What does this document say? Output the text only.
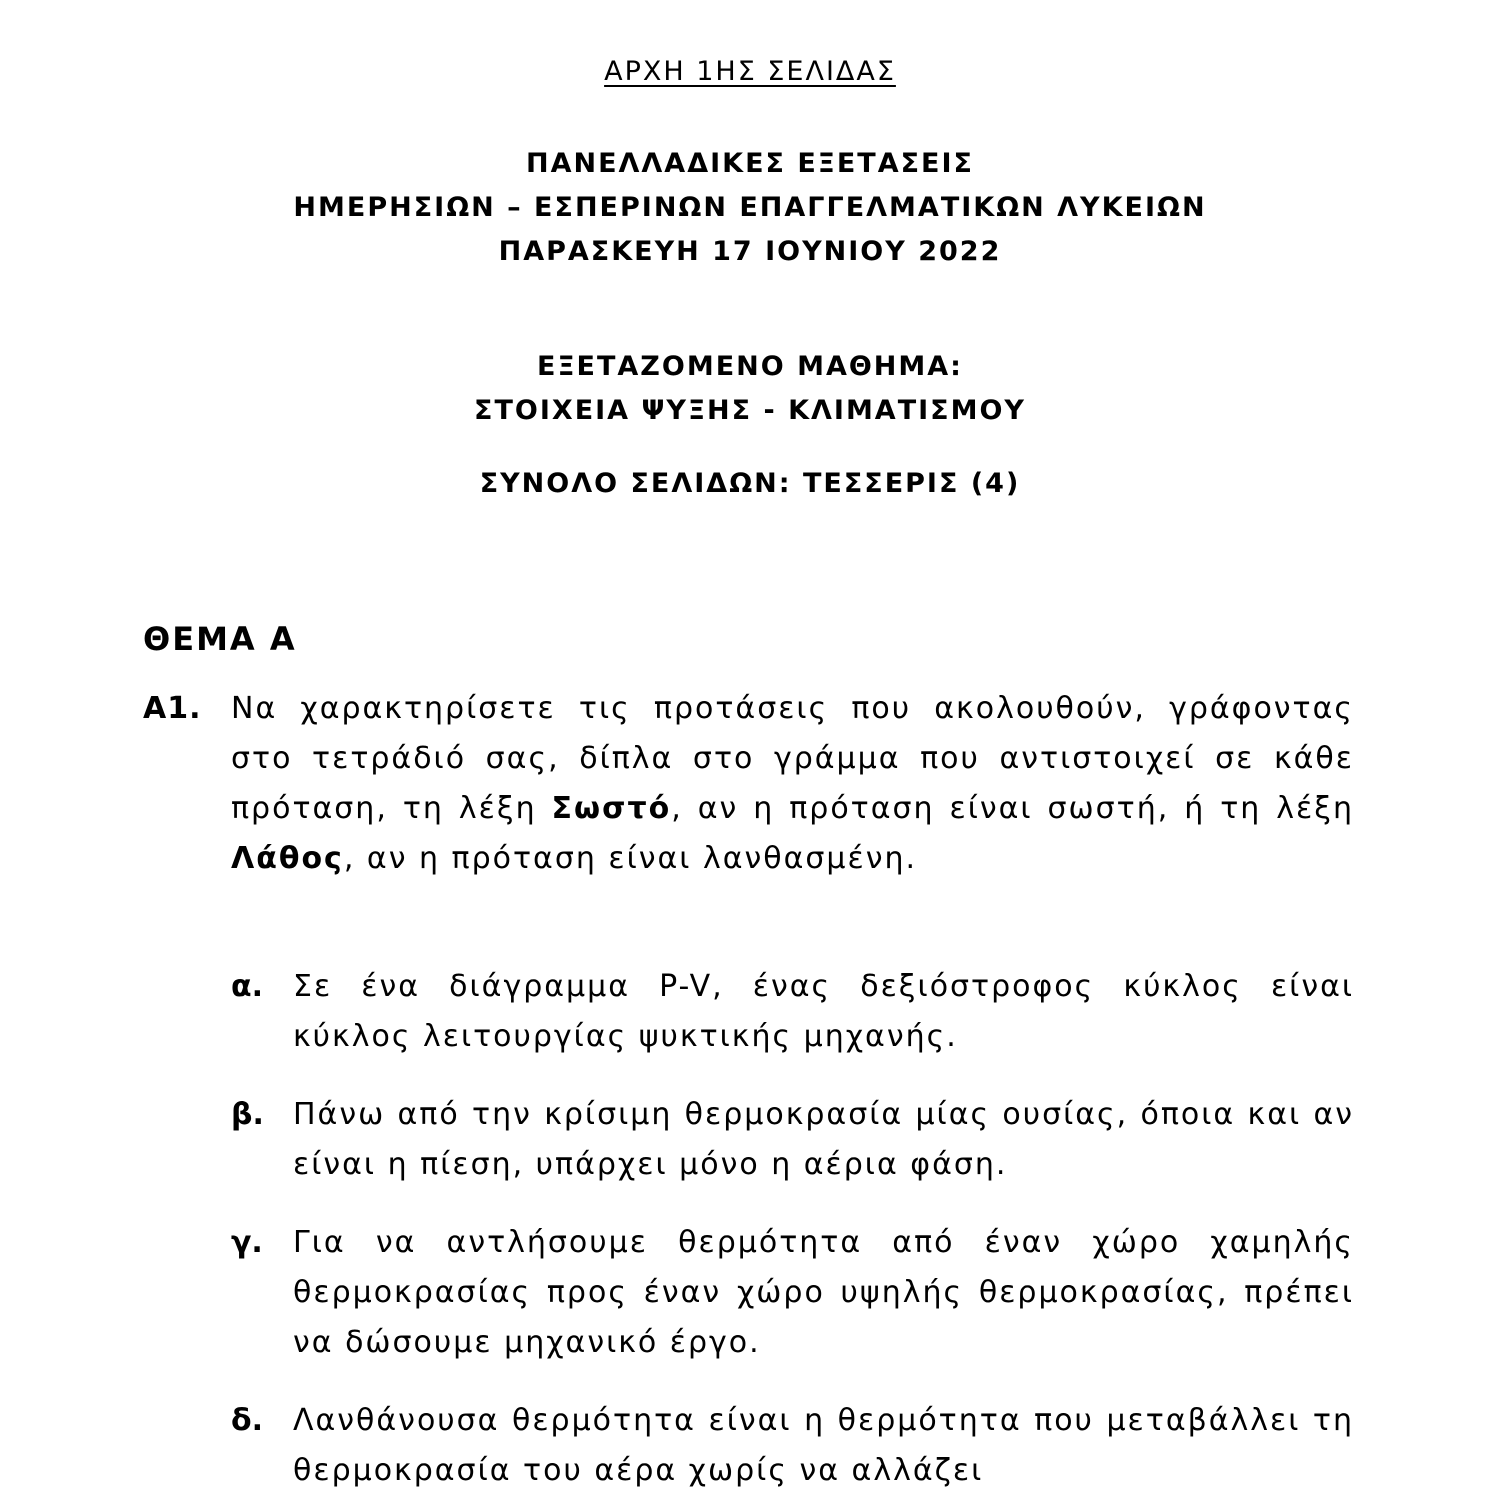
ΑΡΧΗ 1ΗΣ ΣΕΛΙΔΑΣ
ΠΑΝΕΛΛΑΔΙΚΕΣ ΕΞΕΤΑΣΕΙΣ
ΗΜΕΡΗΣΙΩΝ – ΕΣΠΕΡΙΝΩΝ ΕΠΑΓΓΕΛΜΑΤΙΚΩΝ ΛΥΚΕΙΩΝ
ΠΑΡΑΣΚΕΥΗ 17 ΙΟΥΝΙΟΥ 2022
ΕΞΕΤΑΖΟΜΕΝΟ ΜΑΘΗΜΑ:
ΣΤΟΙΧΕΙΑ ΨΥΞΗΣ - ΚΛΙΜΑΤΙΣΜΟΥ
ΣΥΝΟΛΟ ΣΕΛΙΔΩΝ: ΤΕΣΣΕΡΙΣ (4)
ΘΕΜΑ Α
Α1. Να χαρακτηρίσετε τις προτάσεις που ακολουθούν, γράφοντας στο τετράδιό σας, δίπλα στο γράμμα που αντιστοιχεί σε κάθε πρόταση, τη λέξη Σωστό, αν η πρόταση είναι σωστή, ή τη λέξη Λάθος, αν η πρόταση είναι λανθασμένη.
α. Σε ένα διάγραμμα P-V, ένας δεξιόστροφος κύκλος είναι κύκλος λειτουργίας ψυκτικής μηχανής.
β. Πάνω από την κρίσιμη θερμοκρασία μίας ουσίας, όποια και αν είναι η πίεση, υπάρχει μόνο η αέρια φάση.
γ. Για να αντλήσουμε θερμότητα από έναν χώρο χαμηλής θερμοκρασίας προς έναν χώρο υψηλής θερμοκρασίας, πρέπει να δώσουμε μηχανικό έργο.
δ. Λανθάνουσα θερμότητα είναι η θερμότητα που μεταβάλλει τη θερμοκρασία του αέρα χωρίς να αλλάζει
